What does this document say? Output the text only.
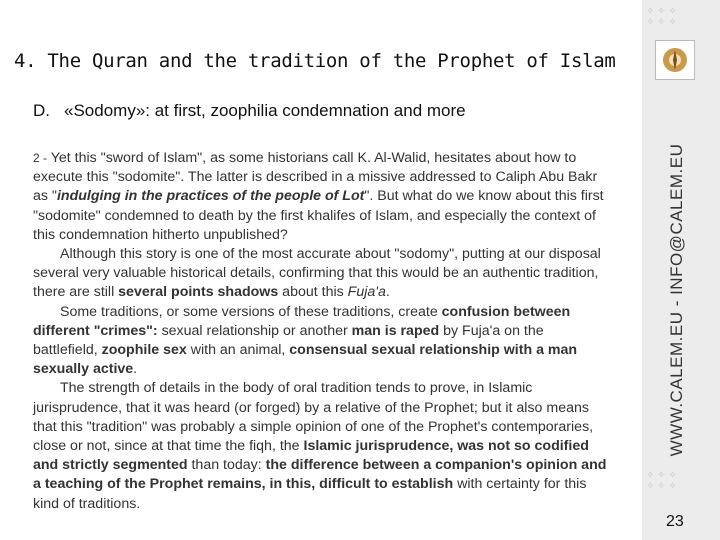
✧ ✧ ✧
✧ ✧ ✧
✧ ✧ ✧
✧ ✧ ✧
WWW.CALEM.EU - INFO@CALEM.EU
23
4. The Quran and the tradition of the Prophet of Islam
D. «Sodomy»: at first, zoophilia condemnation and more

2 - Yet this "sword of Islam", as some historians call K. Al-Walid, hesitates about how to execute this "sodomite". The latter is described in a missive addressed to Caliph Abu Bakr as "indulging in the practices of the people of Lot". But what do we know about this first "sodomite" condemned to death by the first khalifes of Islam, and especially the context of this condemnation hitherto unpublished?

Although this story is one of the most accurate about "sodomy", putting at our disposal several very valuable historical details, confirming that this would be an authentic tradition, there are still several points shadows about this Fuja'a.

Some traditions, or some versions of these traditions, create confusion between different "crimes": sexual relationship or another man is raped by Fuja'a on the battlefield, zoophile sex with an animal, consensual sexual relationship with a man sexually active.

The strength of details in the body of oral tradition tends to prove, in Islamic jurisprudence, that it was heard (or forged) by a relative of the Prophet; but it also means that this "tradition" was probably a simple opinion of one of the Prophet's contemporaries, close or not, since at that time the fiqh, the Islamic jurisprudence, was not so codified and strictly segmented than today: the difference between a companion's opinion and a teaching of the Prophet remains, in this, difficult to establish with certainty for this kind of traditions.
